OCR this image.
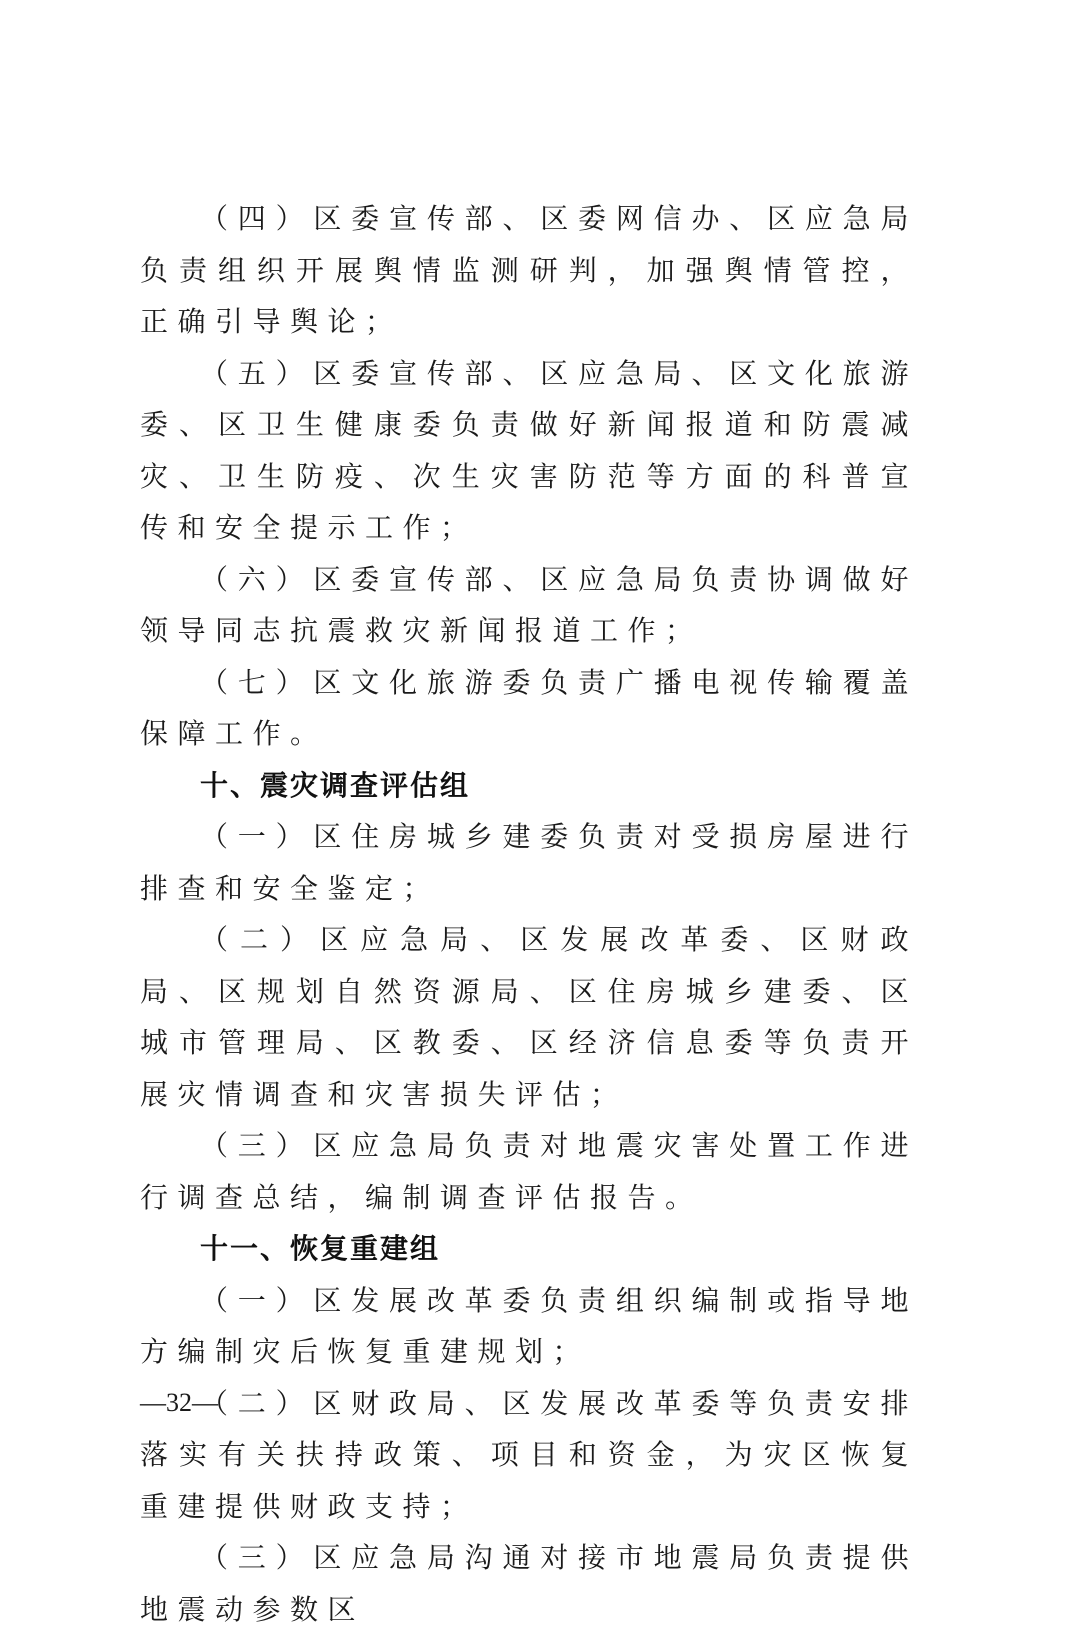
（四）区委宣传部、区委网信办、区应急局负责组织开展舆情监测研判，加强舆情管控，正确引导舆论；

（五）区委宣传部、区应急局、区文化旅游委、区卫生健康委负责做好新闻报道和防震减灾、卫生防疫、次生灾害防范等方面的科普宣传和安全提示工作；

（六）区委宣传部、区应急局负责协调做好领导同志抗震救灾新闻报道工作；

（七）区文化旅游委负责广播电视传输覆盖保障工作。

十、震灾调查评估组

（一）区住房城乡建委负责对受损房屋进行排查和安全鉴定；

（二）区应急局、区发展改革委、区财政局、区规划自然资源局、区住房城乡建委、区城市管理局、区教委、区经济信息委等负责开展灾情调查和灾害损失评估；

（三）区应急局负责对地震灾害处置工作进行调查总结，编制调查评估报告。

十一、恢复重建组

（一）区发展改革委负责组织编制或指导地方编制灾后恢复重建规划；

（二）区财政局、区发展改革委等负责安排落实有关扶持政策、项目和资金，为灾区恢复重建提供财政支持；

（三）区应急局沟通对接市地震局负责提供地震动参数区

—32—
